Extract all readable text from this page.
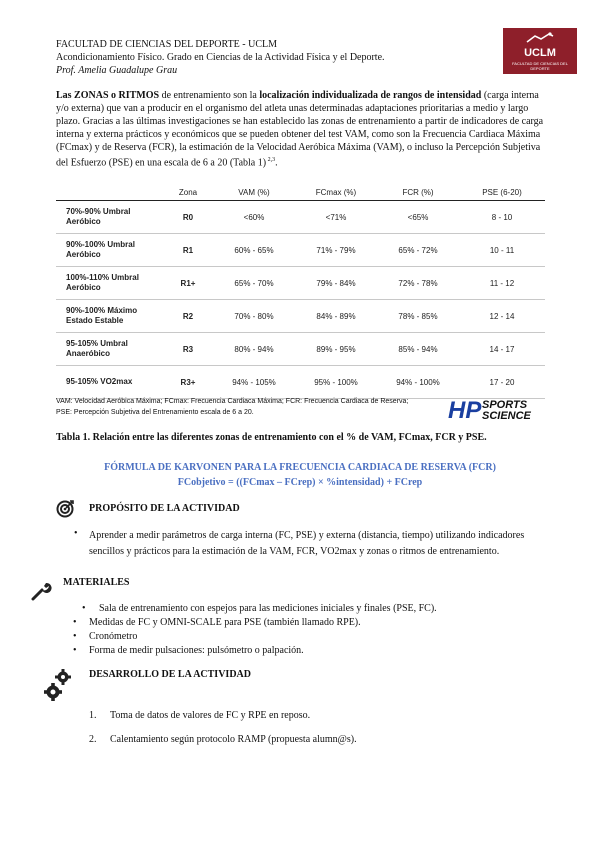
FACULTAD DE CIENCIAS DEL DEPORTE - UCLM
Acondicionamiento Físico. Grado en Ciencias de la Actividad Física y el Deporte.
Prof. Amelia Guadalupe Grau
UCLM
FACULTAD DE CIENCIAS DEL DEPORTE
Las ZONAS o RITMOS de entrenamiento son la localización individualizada de rangos de intensidad (carga interna y/o externa) que van a producir en el organismo del atleta unas determinadas adaptaciones prioritarias a medio y largo plazo. Gracias a las últimas investigaciones se han establecido las zonas de entrenamiento a partir de indicadores de carga interna y externa prácticos y económicos que se pueden obtener del test VAM, como son la Frecuencia Cardiaca Máxima (FCmax) y de Reserva (FCR), la estimación de la Velocidad Aeróbica Máxima (VAM), o incluso la Percepción Subjetiva del Esfuerzo (PSE) en una escala de 6 a 20 (Tabla 1) $^{2,3}$.
	Zona	VAM (%)	FCmax (%)	FCR (%)	PSE (6-20)
70%-90% Umbral
Aeróbico	R0	<60%	<71%	<65%	8 - 10
90%-100% Umbral
Aeróbico	R1	60% - 65%	71% - 79%	65% - 72%	10 - 11
100%-110% Umbral
Aeróbico	R1+	65% - 70%	79% - 84%	72% - 78%	11 - 12
90%-100% Máximo
Estado Estable	R2	70% - 80%	84% - 89%	78% - 85%	12 - 14
95-105% Umbral
Anaeróbico	R3	80% - 94%	89% - 95%	85% - 94%	14 - 17
95-105% VO2max	R3+	94% - 105%	95% - 100%	94% - 100%	17 - 20
VAM: Velocidad Aeróbica Máxima; FCmax: Frecuencia Cardiaca Máxima; FCR: Frecuencia Cardiaca de Reserva; PSE: Percepción Subjetiva del Entrenamiento escala de 6 a 20.	HP SPORTS
SCIENCE
Tabla 1. Relación entre las diferentes zonas de entrenamiento con el % de VAM, FCmax, FCR y PSE.
FÓRMULA DE KARVONEN PARA LA FRECUENCIA CARDIACA DE RESERVA (FCR)
FCobjetivo = ((FCmax – FCrep) × %intensidad) + FCrep
PROPÓSITO DE LA ACTIVIDAD
• Aprender a medir parámetros de carga interna (FC, PSE) y externa (distancia, tiempo) utilizando indicadores sencillos y prácticos para la estimación de la VAM, FCR, VO2max y zonas o ritmos de entrenamiento.
MATERIALES
• Sala de entrenamiento con espejos para las mediciones iniciales y finales (PSE, FC).
• Medidas de FC y OMNI-SCALE para PSE (también llamado RPE).
• Cronómetro
• Forma de medir pulsaciones: pulsómetro o palpación.
DESARROLLO DE LA ACTIVIDAD
1. Toma de datos de valores de FC y RPE en reposo.
2. Calentamiento según protocolo RAMP (propuesta alumn@s).
